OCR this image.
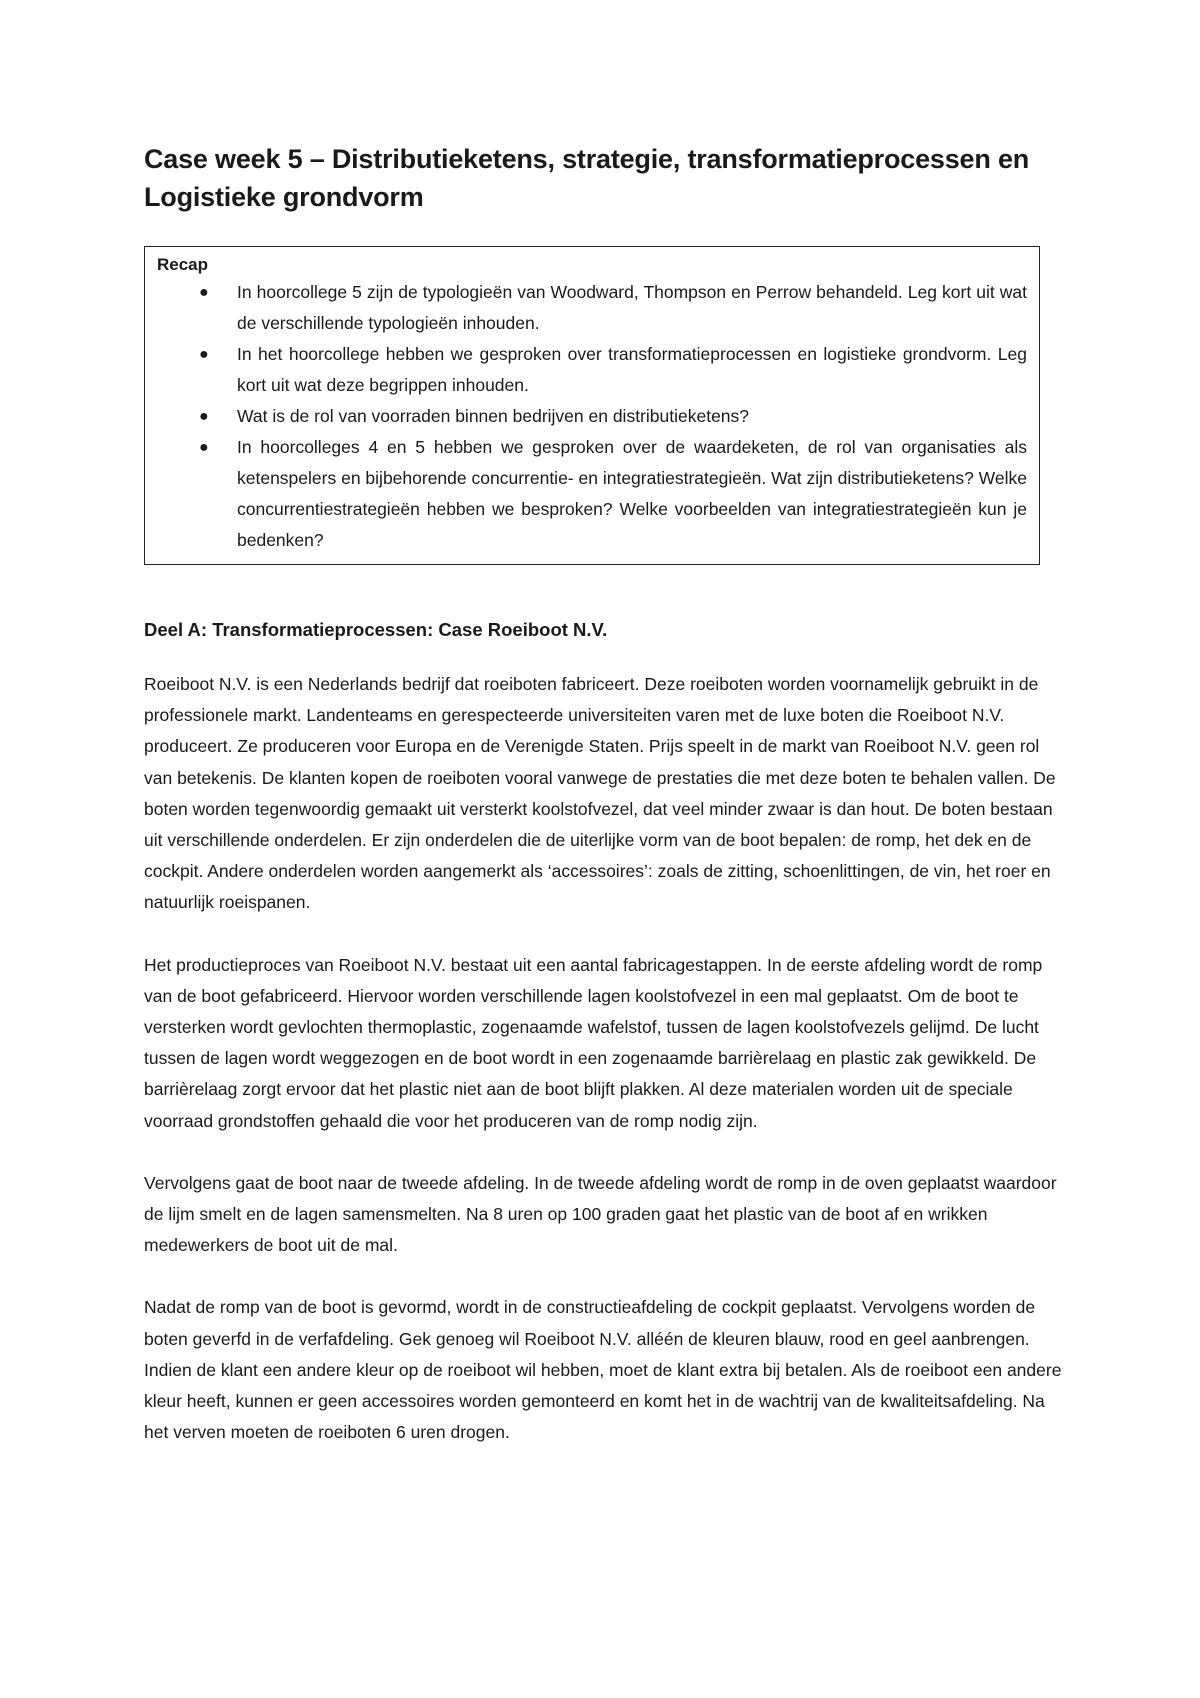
Case week 5 – Distributieketens, strategie, transformatieprocessen en Logistieke grondvorm
Recap
● In hoorcollege 5 zijn de typologieën van Woodward, Thompson en Perrow behandeld. Leg kort uit wat de verschillende typologieën inhouden.
● In het hoorcollege hebben we gesproken over transformatieprocessen en logistieke grondvorm. Leg kort uit wat deze begrippen inhouden.
● Wat is de rol van voorraden binnen bedrijven en distributieketens?
● In hoorcolleges 4 en 5 hebben we gesproken over de waardeketen, de rol van organisaties als ketenspelers en bijbehorende concurrentie- en integratiestrategieën. Wat zijn distributieketens? Welke concurrentiestrategieën hebben we besproken? Welke voorbeelden van integratiestrategieën kun je bedenken?
Deel A: Transformatieprocessen: Case Roeiboot N.V.

Roeiboot N.V. is een Nederlands bedrijf dat roeiboten fabriceert. Deze roeiboten worden voornamelijk gebruikt in de professionele markt. Landenteams en gerespecteerde universiteiten varen met de luxe boten die Roeiboot N.V. produceert. Ze produceren voor Europa en de Verenigde Staten. Prijs speelt in de markt van Roeiboot N.V. geen rol van betekenis. De klanten kopen de roeiboten vooral vanwege de prestaties die met deze boten te behalen vallen. De boten worden tegenwoordig gemaakt uit versterkt koolstofvezel, dat veel minder zwaar is dan hout. De boten bestaan uit verschillende onderdelen. Er zijn onderdelen die de uiterlijke vorm van de boot bepalen: de romp, het dek en de cockpit. Andere onderdelen worden aangemerkt als ‘accessoires’: zoals de zitting, schoenlittingen, de vin, het roer en natuurlijk roeispanen.

Het productieproces van Roeiboot N.V. bestaat uit een aantal fabricagestappen. In de eerste afdeling wordt de romp van de boot gefabriceerd. Hiervoor worden verschillende lagen koolstofvezel in een mal geplaatst. Om de boot te versterken wordt gevlochten thermoplastic, zogenaamde wafelstof, tussen de lagen koolstofvezels gelijmd. De lucht tussen de lagen wordt weggezogen en de boot wordt in een zogenaamde barrièrelaag en plastic zak gewikkeld. De barrièrelaag zorgt ervoor dat het plastic niet aan de boot blijft plakken. Al deze materialen worden uit de speciale voorraad grondstoffen gehaald die voor het produceren van de romp nodig zijn.

Vervolgens gaat de boot naar de tweede afdeling. In de tweede afdeling wordt de romp in de oven geplaatst waardoor de lijm smelt en de lagen samensmelten. Na 8 uren op 100 graden gaat het plastic van de boot af en wrikken medewerkers de boot uit de mal.

Nadat de romp van de boot is gevormd, wordt in de constructieafdeling de cockpit geplaatst. Vervolgens worden de boten geverfd in de verfafdeling. Gek genoeg wil Roeiboot N.V. alléén de kleuren blauw, rood en geel aanbrengen. Indien de klant een andere kleur op de roeiboot wil hebben, moet de klant extra bij betalen. Als de roeiboot een andere kleur heeft, kunnen er geen accessoires worden gemonteerd en komt het in de wachtrij van de kwaliteitsafdeling. Na het verven moeten de roeiboten 6 uren drogen.
